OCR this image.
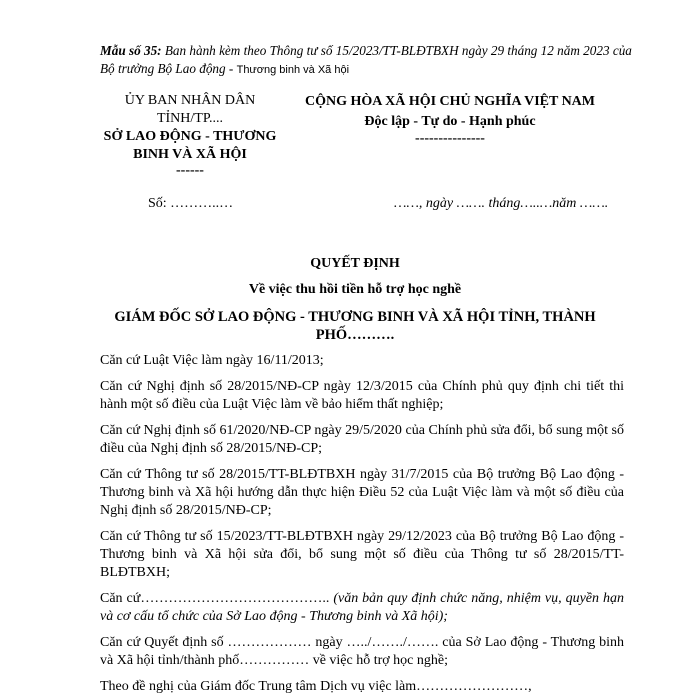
Mẫu số 35: Ban hành kèm theo Thông tư số 15/2023/TT-BLĐTBXH ngày 29 tháng 12 năm 2023 của Bộ trưởng Bộ Lao động - Thương binh và Xã hội
ỦY BAN NHÂN DÂN
TỈNH/TP....
SỞ LAO ĐỘNG - THƯƠNG
BINH VÀ XÃ HỘI
------
CỘNG HÒA XÃ HỘI CHỦ NGHĨA VIỆT NAM
Độc lập - Tự do - Hạnh phúc
---------------
Số: ………..…	……, ngày ……. tháng…..…năm …….
QUYẾT ĐỊNH
Về việc thu hồi tiền hỗ trợ học nghề
GIÁM ĐỐC SỞ LAO ĐỘNG - THƯƠNG BINH VÀ XÃ HỘI TỈNH, THÀNH
PHỐ……….
Căn cứ Luật Việc làm ngày 16/11/2013;
Căn cứ Nghị định số 28/2015/NĐ-CP ngày 12/3/2015 của Chính phủ quy định chi tiết thi hành một số điều của Luật Việc làm về bảo hiểm thất nghiệp;
Căn cứ Nghị định số 61/2020/NĐ-CP ngày 29/5/2020 của Chính phủ sửa đổi, bổ sung một số điều của Nghị định số 28/2015/NĐ-CP;
Căn cứ Thông tư số 28/2015/TT-BLĐTBXH ngày 31/7/2015 của Bộ trưởng Bộ Lao động - Thương binh và Xã hội hướng dẫn thực hiện Điều 52 của Luật Việc làm và một số điều của Nghị định số 28/2015/NĐ-CP;
Căn cứ Thông tư số 15/2023/TT-BLĐTBXH ngày 29/12/2023 của Bộ trưởng Bộ Lao động - Thương binh và Xã hội sửa đổi, bổ sung một số điều của Thông tư số 28/2015/TT-BLĐTBXH;
Căn cứ………………………………….. (văn bản quy định chức năng, nhiệm vụ, quyền hạn và cơ cấu tổ chức của Sở Lao động - Thương binh và Xã hội);
Căn cứ Quyết định số ……………… ngày …../……./……. của Sở Lao động - Thương binh và Xã hội tỉnh/thành phố…………… về việc hỗ trợ học nghề;
Theo đề nghị của Giám đốc Trung tâm Dịch vụ việc làm……………………,
